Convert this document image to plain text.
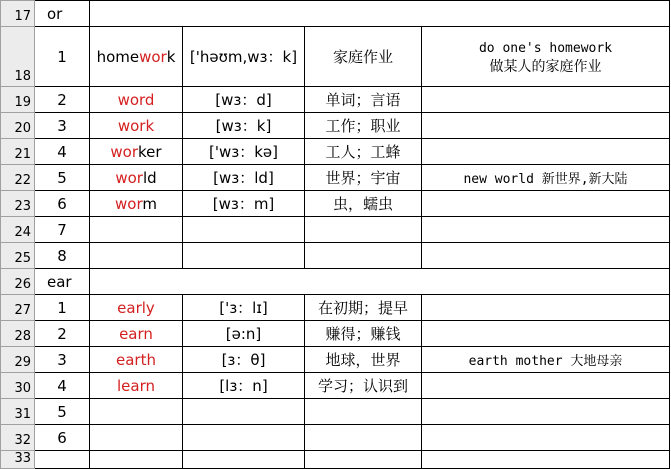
17	or				
18	1	homework	['həʊm,wɜ：k]	家庭作业	do one's homework
做某人的家庭作业

19	2	word	[wɜ：d]	单词；言语	
20	3	work	[wɜ：k]	工作；职业	
21	4	worker	['wɜ：kə]	工人；工蜂	
22	5	world	[wɜ：ld]	世界；宇宙	new world 新世界,新大陆
23	6	worm	[wɜ：m]	虫，蠕虫	
24	7				
25	8				
26	ear				
27	1	early	['ɜ：lɪ]	在初期；提早	
28	2	earn	[ə:n]	赚得；赚钱	
29	3	earth	[ɜ：θ]	地球，世界	earth mother 大地母亲
30	4	learn	[lɜ：n]	学习；认识到	
31	5				
32	6				
33					
